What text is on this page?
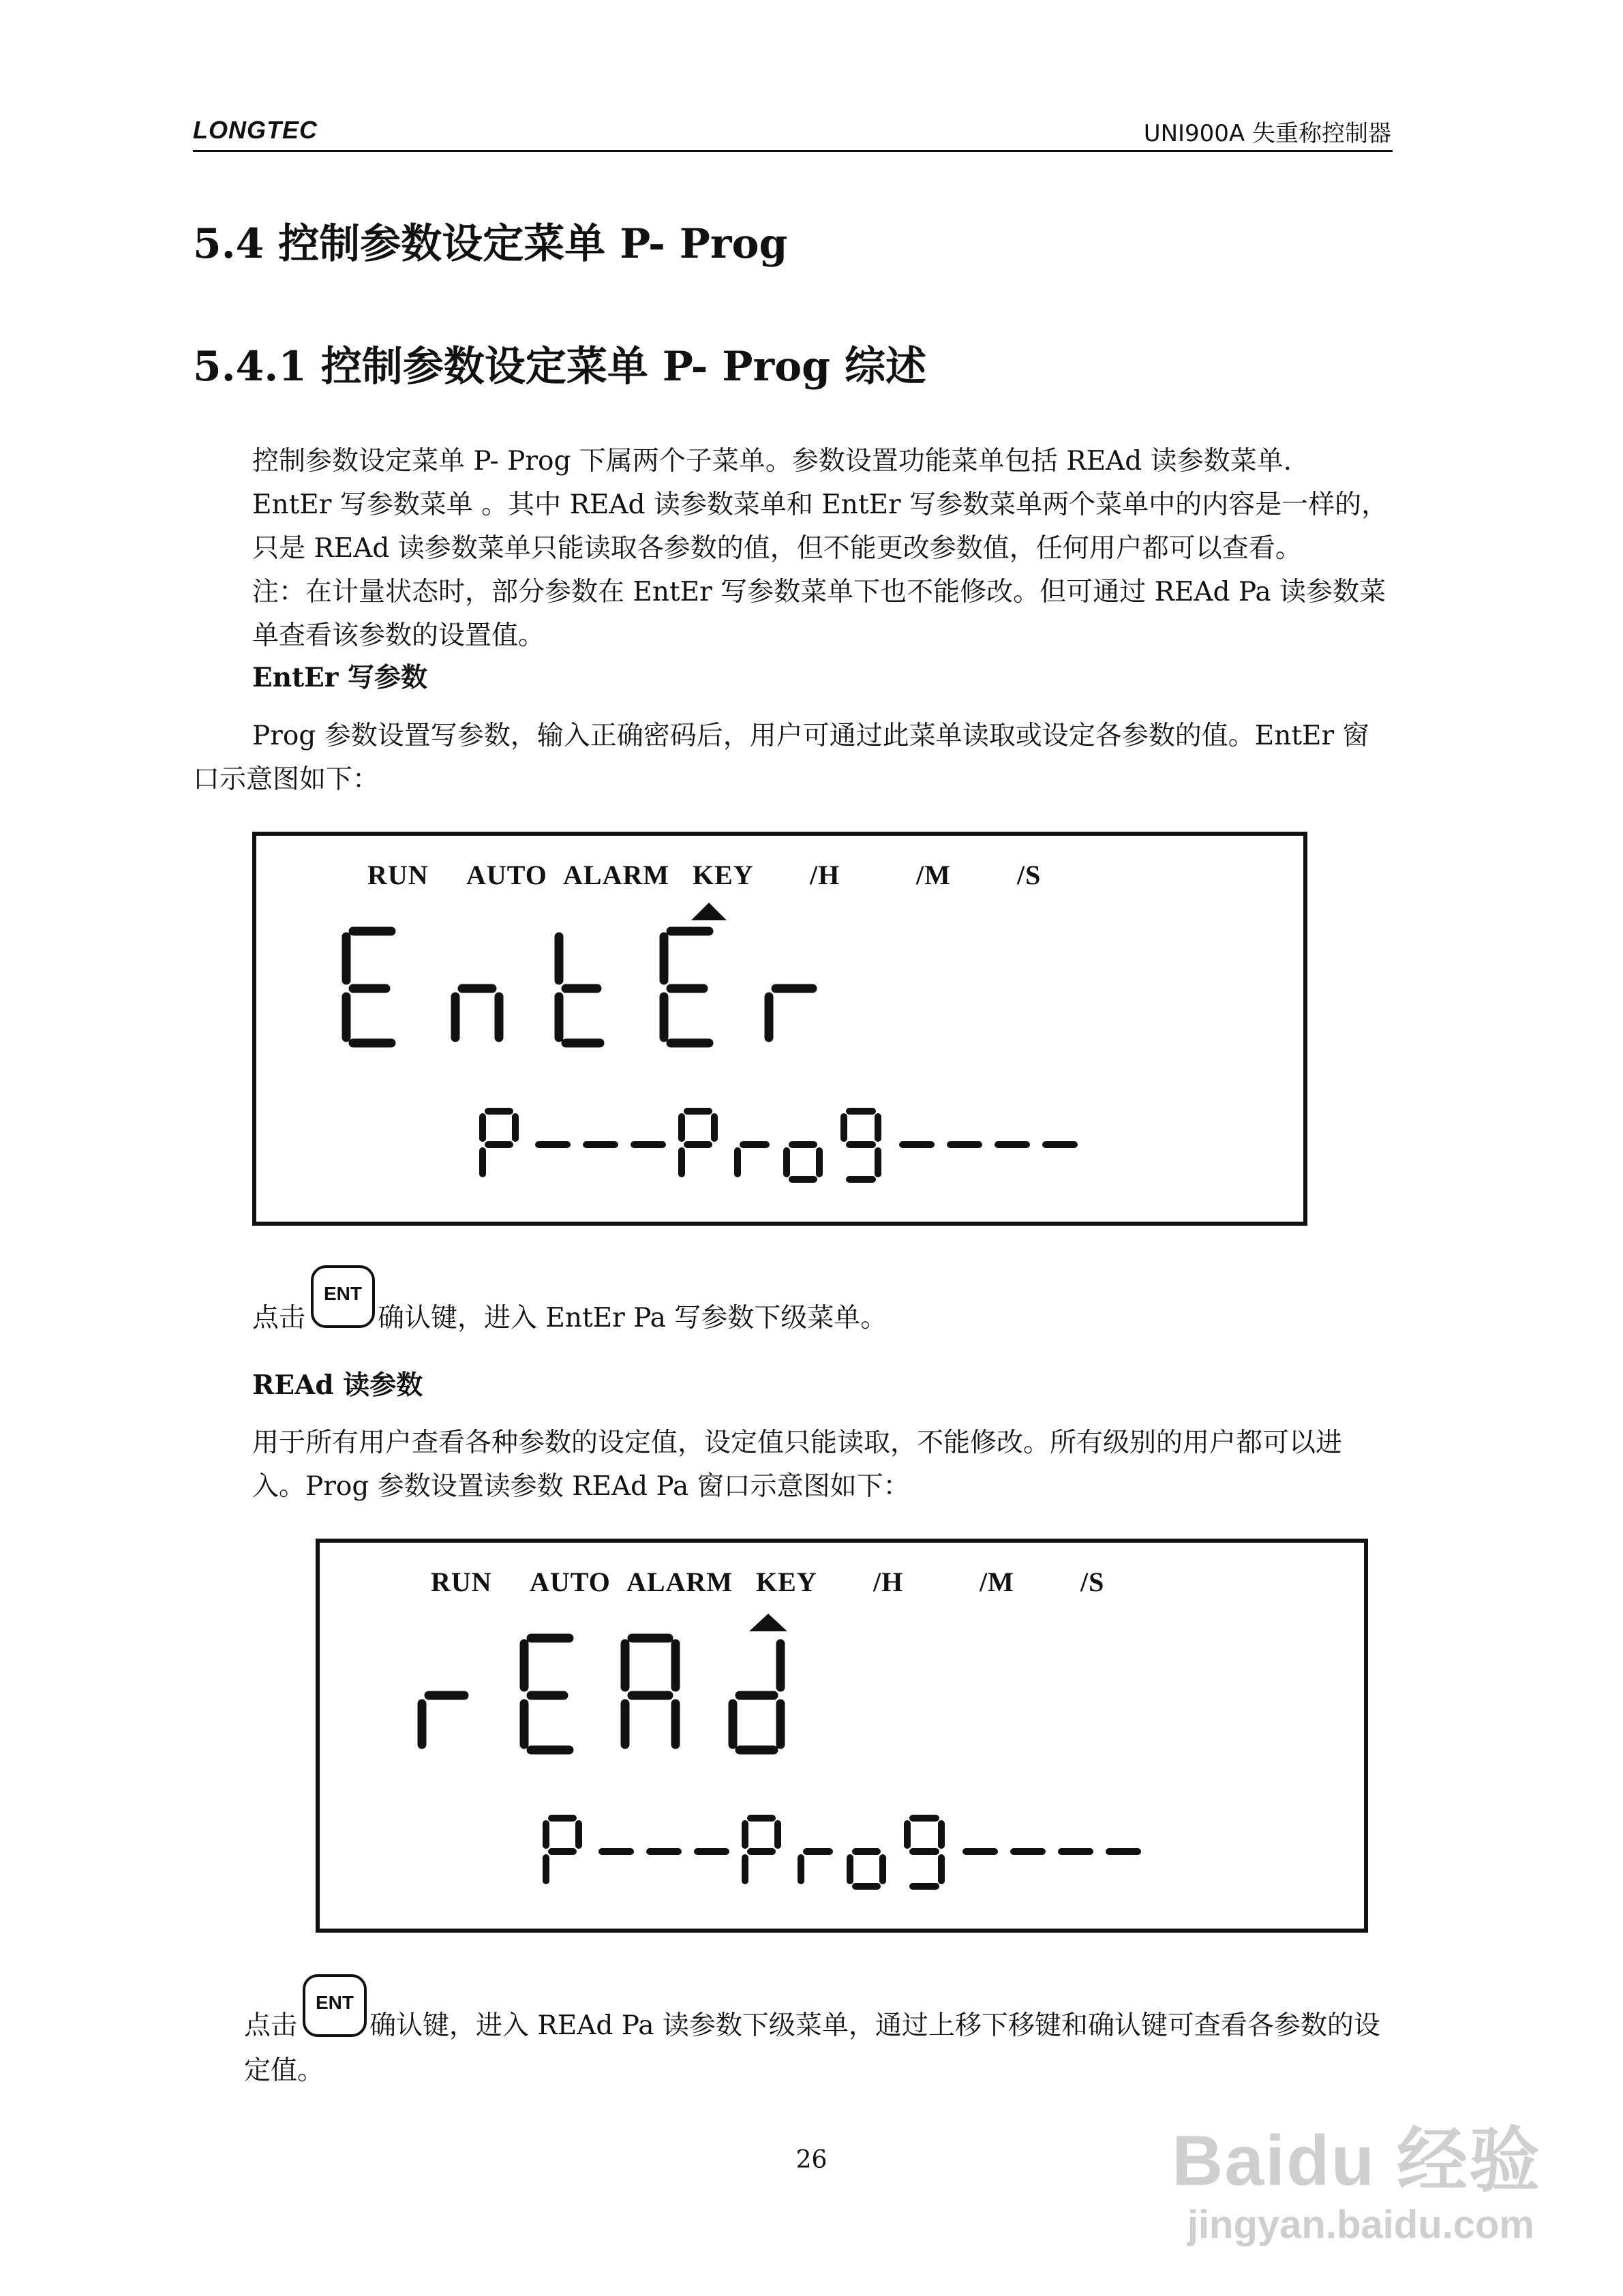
LONGTEC	UNI900A 失重称控制器
5.4 控制参数设定菜单 P- Prog
5.4.1 控制参数设定菜单 P- Prog 综述
控制参数设定菜单 P- Prog 下属两个子菜单。参数设置功能菜单包括 REAd 读参数菜单.
EntEr 写参数菜单 。其中 REAd 读参数菜单和 EntEr 写参数菜单两个菜单中的内容是一样的，
只是 REAd 读参数菜单只能读取各参数的值，但不能更改参数值，任何用户都可以查看。
注：在计量状态时，部分参数在 EntEr 写参数菜单下也不能修改。但可通过 REAd Pa 读参数菜
单查看该参数的设置值。
EntEr 写参数
Prog 参数设置写参数，输入正确密码后，用户可通过此菜单读取或设定各参数的值。EntEr 窗
口示意图如下：
RUN AUTO ALARM KEY /H	/M /S
点击
ENT
确认键，进入 EntEr Pa 写参数下级菜单。
REAd 读参数
用于所有用户查看各种参数的设定值，设定值只能读取，不能修改。所有级别的用户都可以进
入。Prog 参数设置读参数 REAd Pa 窗口示意图如下：
RUN AUTO ALARM KEY /H	/M /S
点击
ENT
确认键，进入 REAd Pa 读参数下级菜单，通过上移下移键和确认键可查看各参数的设
定值。
26	Baidu 经验
jingyan.baidu.com
